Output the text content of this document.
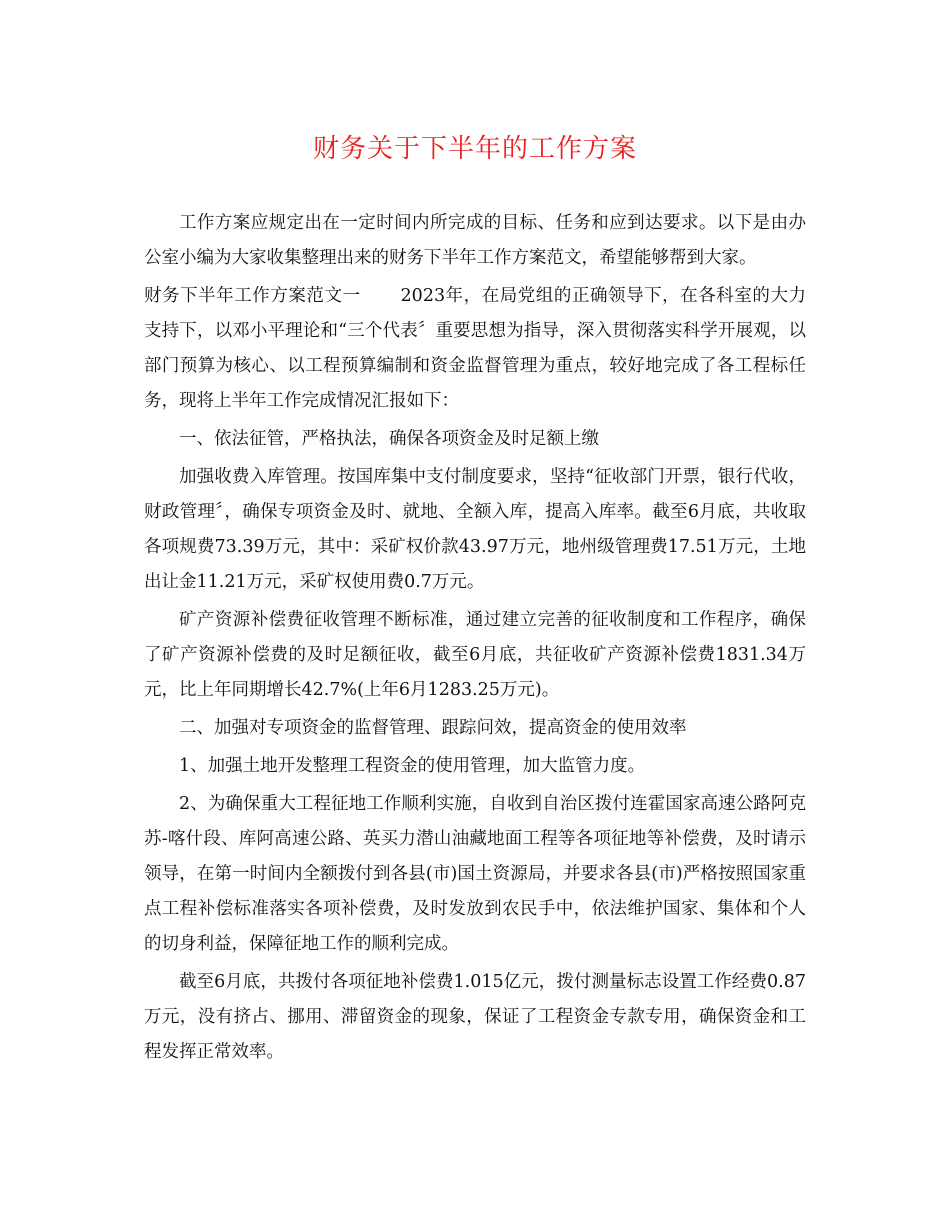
财务关于下半年的工作方案

工作方案应规定出在一定时间内所完成的目标、任务和应到达要求。以下是由办公室小编为大家收集整理出来的财务下半年工作方案范文，希望能够帮到大家。

财务下半年工作方案范文一 2023年，在局党组的正确领导下，在各科室的大力支持下，以邓小平理论和“三个代表〞重要思想为指导，深入贯彻落实科学开展观，以部门预算为核心、以工程预算编制和资金监督管理为重点，较好地完成了各工程标任务，现将上半年工作完成情况汇报如下：

一、依法征管，严格执法，确保各项资金及时足额上缴

加强收费入库管理。按国库集中支付制度要求，坚持“征收部门开票，银行代收，财政管理〞，确保专项资金及时、就地、全额入库，提高入库率。截至6月底，共收取各项规费73.39万元，其中：采矿权价款43.97万元，地州级管理费17.51万元，土地出让金11.21万元，采矿权使用费0.7万元。

矿产资源补偿费征收管理不断标准，通过建立完善的征收制度和工作程序，确保了矿产资源补偿费的及时足额征收，截至6月底，共征收矿产资源补偿费1831.34万元，比上年同期增长42.7%(上年6月1283.25万元)。

二、加强对专项资金的监督管理、跟踪问效，提高资金的使用效率

1、加强土地开发整理工程资金的使用管理，加大监管力度。

2、为确保重大工程征地工作顺利实施，自收到自治区拨付连霍国家高速公路阿克苏-喀什段、库阿高速公路、英买力潜山油藏地面工程等各项征地等补偿费，及时请示领导，在第一时间内全额拨付到各县(市)国土资源局，并要求各县(市)严格按照国家重点工程补偿标准落实各项补偿费，及时发放到农民手中，依法维护国家、集体和个人的切身利益，保障征地工作的顺利完成。

截至6月底，共拨付各项征地补偿费1.015亿元，拨付测量标志设置工作经费0.87万元，没有挤占、挪用、滞留资金的现象，保证了工程资金专款专用，确保资金和工程发挥正常效率。
